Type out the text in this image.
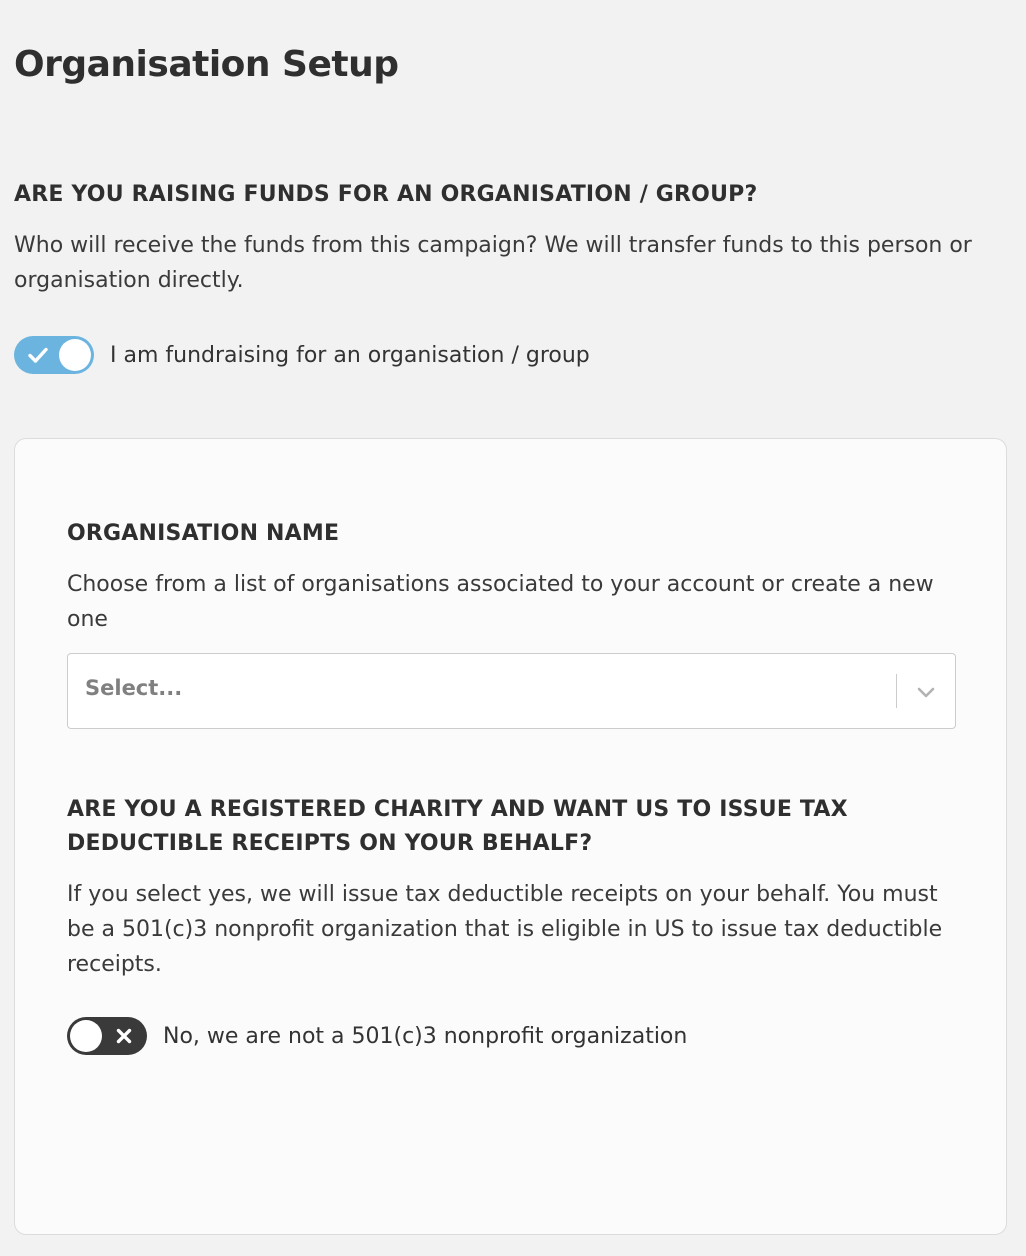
Organisation Setup
ARE YOU RAISING FUNDS FOR AN ORGANISATION / GROUP?

Who will receive the funds from this campaign? We will transfer funds to this person or organisation directly.

I am fundraising for an organisation / group
ORGANISATION NAME

Choose from a list of organisations associated to your account or create a new one

Select...
ARE YOU A REGISTERED CHARITY AND WANT US TO ISSUE TAX DEDUCTIBLE RECEIPTS ON YOUR BEHALF?

If you select yes, we will issue tax deductible receipts on your behalf. You must be a 501(c)3 nonprofit organization that is eligible in US to issue tax deductible receipts.

No, we are not a 501(c)3 nonprofit organization
